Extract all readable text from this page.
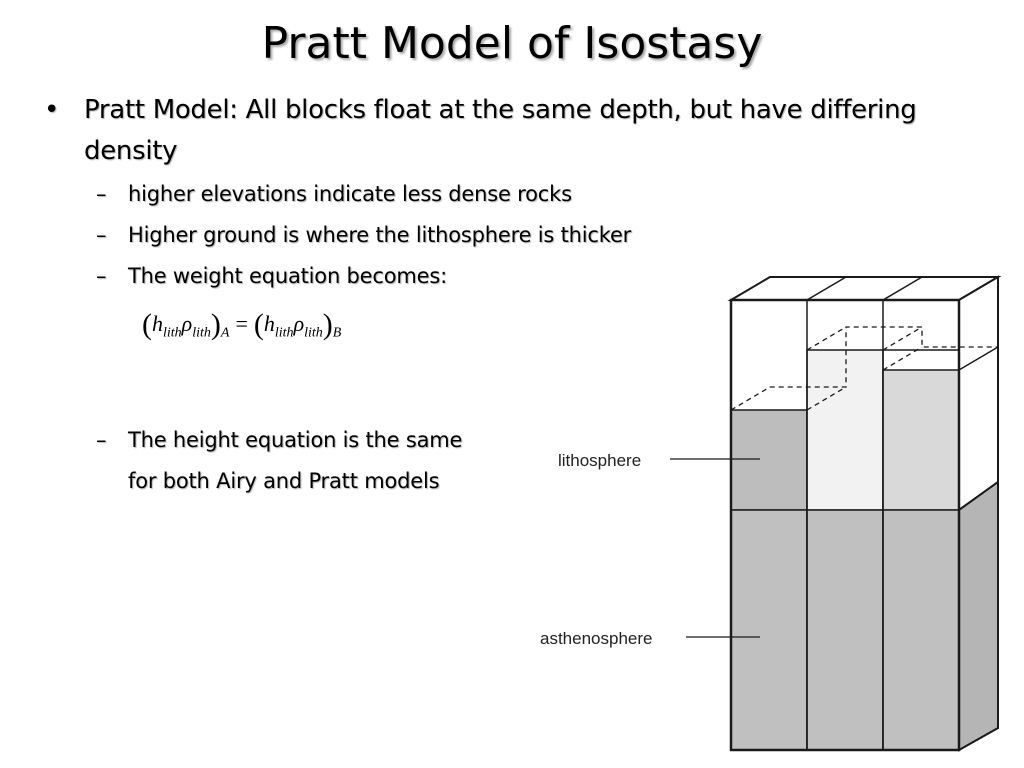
Pratt Model of Isostasy
• Pratt Model: All blocks float at the same depth, but have differing density
–	higher elevations indicate less dense rocks
–	Higher ground is where the lithosphere is thicker
–	The weight equation becomes:
$(h_{lith}\rho_{lith})_A = (h_{lith}\rho_{lith})_B$
–	The height equation is the same
for both Airy and Pratt models
lithosphere
asthenosphere
